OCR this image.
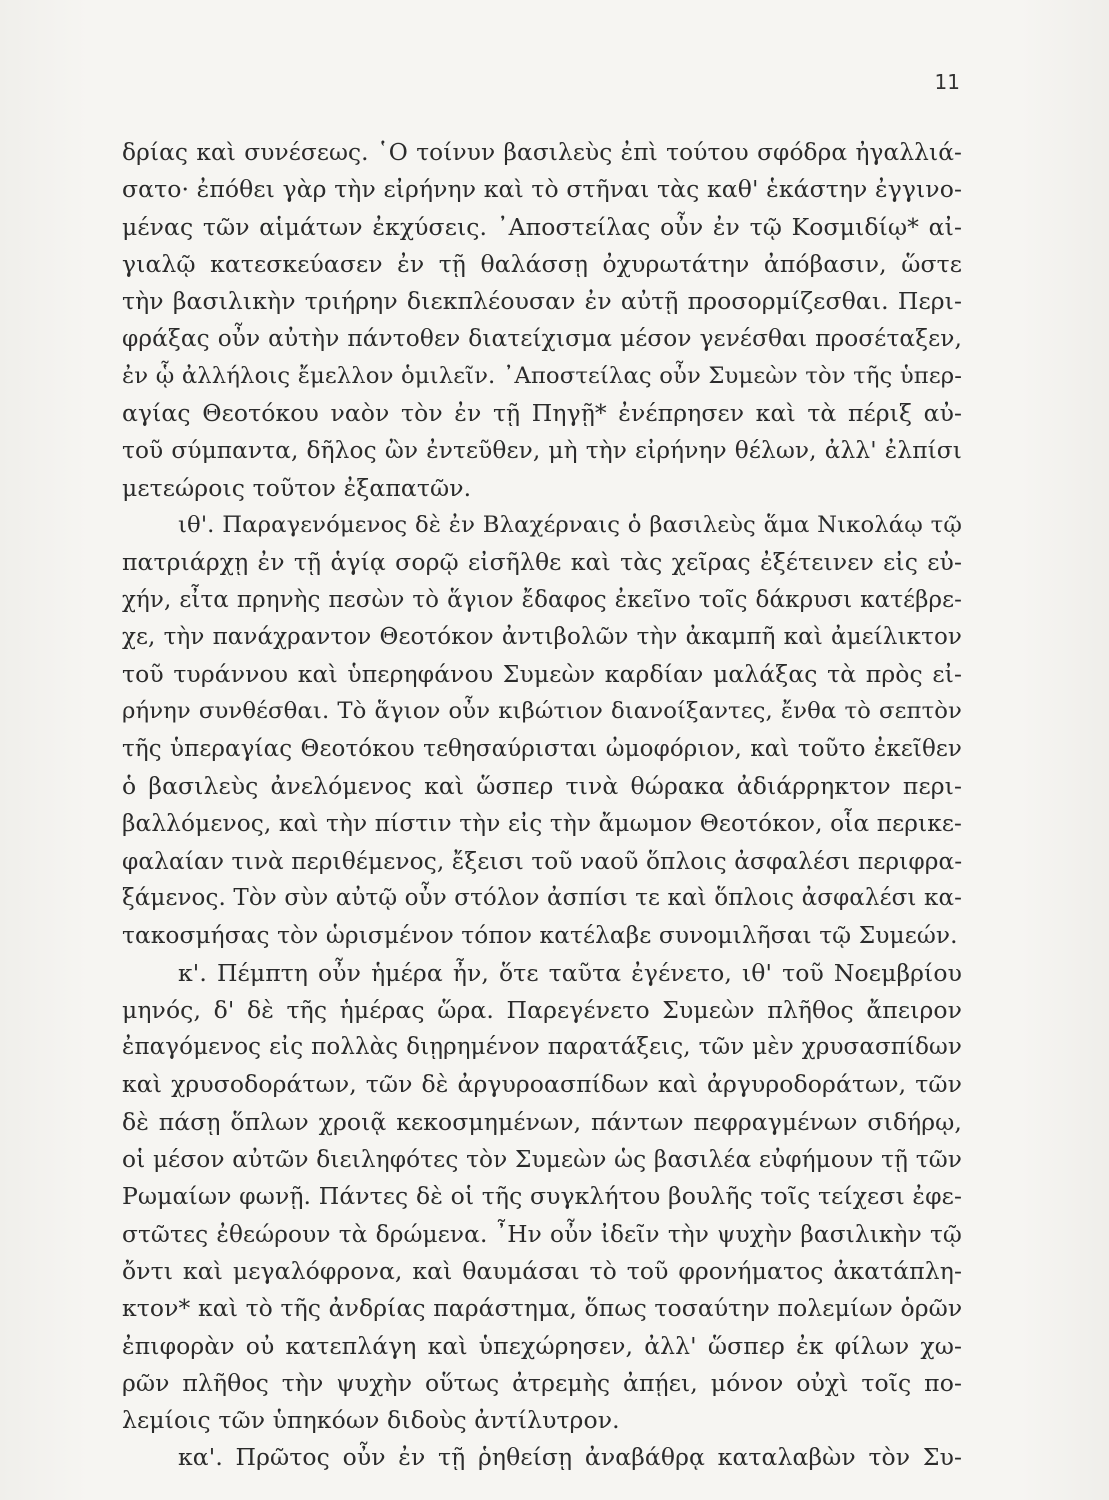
11
δρίας καὶ συνέσεως. ῾Ο τοίνυν βασιλεὺς ἐπὶ τούτου σφόδρα ἠγαλλιά-
σατο· ἐπόθει γὰρ τὴν εἰρήνην καὶ τὸ στῆναι τὰς καθ' ἑκάστην ἐγγινο-
μένας τῶν αἱμάτων ἐκχύσεις. ᾽Αποστείλας οὖν ἐν τῷ Κοσμιδίῳ* αἰ-
γιαλῷ κατεσκεύασεν ἐν τῇ θαλάσσῃ ὀχυρωτάτην ἀπόβασιν, ὥστε
τὴν βασιλικὴν τριήρην διεκπλέουσαν ἐν αὐτῇ προσορμίζεσθαι. Περι-
φράξας οὖν αὐτὴν πάντοθεν διατείχισμα μέσον γενέσθαι προσέταξεν,
ἐν ᾧ ἀλλήλοις ἔμελλον ὁμιλεῖν. ᾽Αποστείλας οὖν Συμεὼν τὸν τῆς ὑπερ-
αγίας Θεοτόκου ναὸν τὸν ἐν τῇ Πηγῇ* ἐνέπρησεν καὶ τὰ πέριξ αὐ-
τοῦ σύμπαντα, δῆλος ὢν ἐντεῦθεν, μὴ τὴν εἰρήνην θέλων, ἀλλ' ἐλπίσι
μετεώροις τοῦτον ἐξαπατῶν.
ιθ'. Παραγενόμενος δὲ ἐν Βλαχέρναις ὁ βασιλεὺς ἅμα Νικολάῳ τῷ
πατριάρχῃ ἐν τῇ ἁγίᾳ σορῷ εἰσῆλθε καὶ τὰς χεῖρας ἐξέτεινεν εἰς εὐ-
χήν, εἶτα πρηνὴς πεσὼν τὸ ἅγιον ἔδαφος ἐκεῖνο τοῖς δάκρυσι κατέβρε-
χε, τὴν πανάχραντον Θεοτόκον ἀντιβολῶν τὴν ἀκαμπῆ καὶ ἀμείλικτον
τοῦ τυράννου καὶ ὑπερηφάνου Συμεὼν καρδίαν μαλάξας τὰ πρὸς εἰ-
ρήνην συνθέσθαι. Τὸ ἅγιον οὖν κιβώτιον διανοίξαντες, ἔνθα τὸ σεπτὸν
τῆς ὑπεραγίας Θεοτόκου τεθησαύρισται ὠμοφόριον, καὶ τοῦτο ἐκεῖθεν
ὁ βασιλεὺς ἀνελόμενος καὶ ὥσπερ τινὰ θώρακα ἀδιάρρηκτον περι-
βαλλόμενος, καὶ τὴν πίστιν τὴν εἰς τὴν ἄμωμον Θεοτόκον, οἷα περικε-
φαλαίαν τινὰ περιθέμενος, ἔξεισι τοῦ ναοῦ ὅπλοις ἀσφαλέσι περιφρα-
ξάμενος. Τὸν σὺν αὐτῷ οὖν στόλον ἀσπίσι τε καὶ ὅπλοις ἀσφαλέσι κα-
τακοσμήσας τὸν ὡρισμένον τόπον κατέλαβε συνομιλῆσαι τῷ Συμεών.
κ'. Πέμπτη οὖν ἡμέρα ἦν, ὅτε ταῦτα ἐγένετο, ιθ' τοῦ Νοεμβρίου
μηνός, δ' δὲ τῆς ἡμέρας ὥρα. Παρεγένετο Συμεὼν πλῆθος ἄπειρον
ἐπαγόμενος εἰς πολλὰς διῃρημένον παρατάξεις, τῶν μὲν χρυσασπίδων
καὶ χρυσοδοράτων, τῶν δὲ ἀργυροασπίδων καὶ ἀργυροδοράτων, τῶν
δὲ πάσῃ ὅπλων χροιᾷ κεκοσμημένων, πάντων πεφραγμένων σιδήρῳ,
οἱ μέσον αὐτῶν διειληφότες τὸν Συμεὼν ὡς βασιλέα εὐφήμουν τῇ τῶν
Ρωμαίων φωνῇ. Πάντες δὲ οἱ τῆς συγκλήτου βουλῆς τοῖς τείχεσι ἐφε-
στῶτες ἐθεώρουν τὰ δρώμενα. ῏Ην οὖν ἰδεῖν τὴν ψυχὴν βασιλικὴν τῷ
ὄντι καὶ μεγαλόφρονα, καὶ θαυμάσαι τὸ τοῦ φρονήματος ἀκατάπλη-
κτον* καὶ τὸ τῆς ἀνδρίας παράστημα, ὅπως τοσαύτην πολεμίων ὁρῶν
ἐπιφορὰν οὐ κατεπλάγη καὶ ὑπεχώρησεν, ἀλλ' ὥσπερ ἐκ φίλων χω-
ρῶν πλῆθος τὴν ψυχὴν οὕτως ἀτρεμὴς ἀπῄει, μόνον οὐχὶ τοῖς πο-
λεμίοις τῶν ὑπηκόων διδοὺς ἀντίλυτρον.
κα'. Πρῶτος οὖν ἐν τῇ ῥηθείσῃ ἀναβάθρᾳ καταλαβὼν τὸν Συ-
